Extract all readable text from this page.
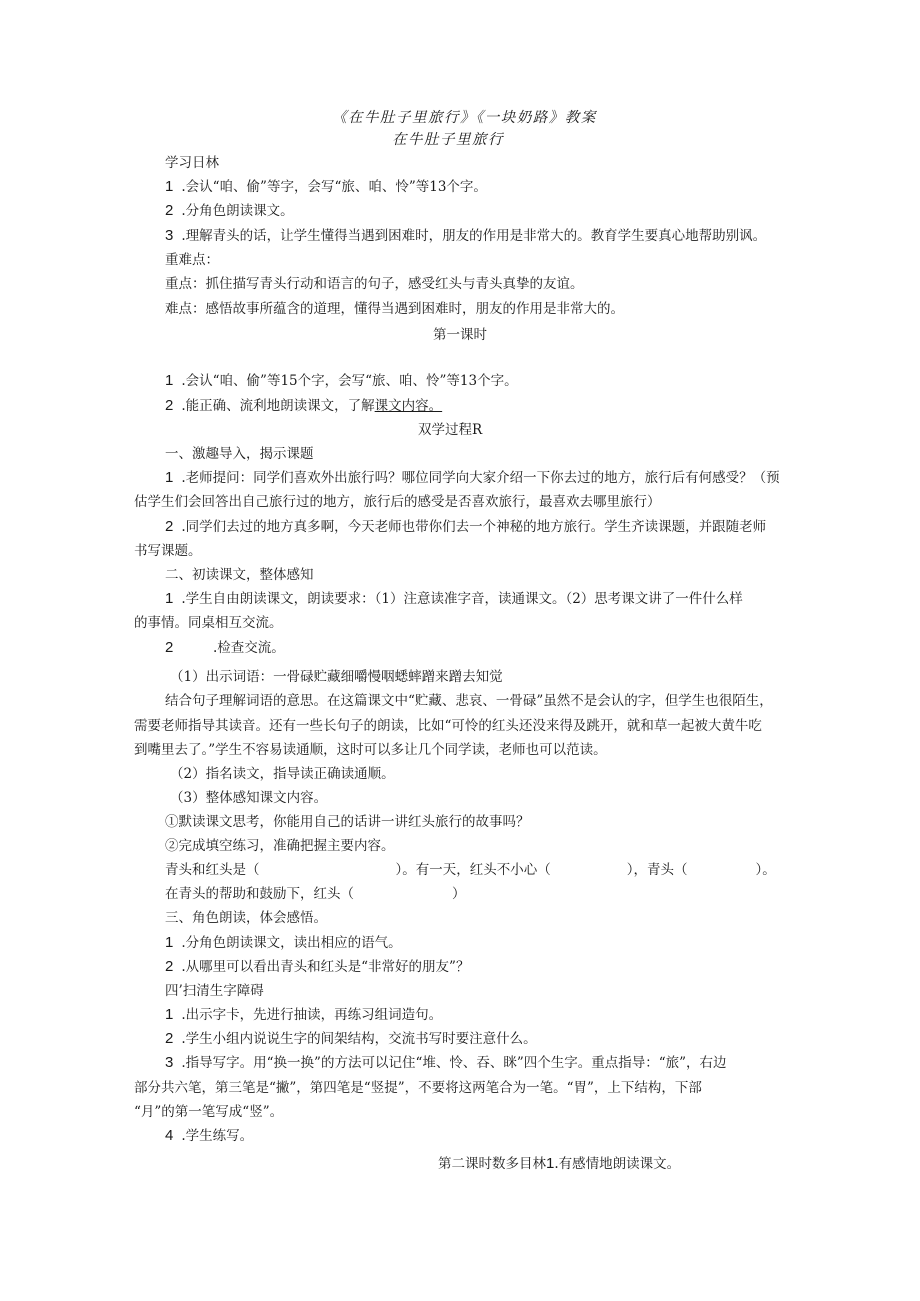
《在牛肚子里旅行》《一块奶路》教案
在牛肚子里旅行
学习日林
1 .会认“咱、偷”等字，会写“旅、咱、怜”等13个字。
2 .分角色朗读课文。
3 .理解青头的话，让学生懂得当遇到困难时，朋友的作用是非常大的。教育学生要真心地帮助别讽。
重难点：
重点：抓住描写青头行动和语言的句子，感受红头与青头真挚的友谊。
难点：感悟故事所蕴含的道理，懂得当遇到困难时，朋友的作用是非常大的。
第一课时
1 .会认“咱、偷”等15个字，会写“旅、咱、怜”等13个字。
2 .能正确、流利地朗读课文，了解课文内容。
双学过程R
一、激趣导入，揭示课题
1 .老师提问：同学们喜欢外出旅行吗？哪位同学向大家介绍一下你去过的地方，旅行后有何感受？（预
估学生们会回答出自己旅行过的地方，旅行后的感受是否喜欢旅行，最喜欢去哪里旅行）
2 .同学们去过的地方真多啊，今天老师也带你们去一个神秘的地方旅行。学生齐读课题，并跟随老师
书写课题。
二、初读课文，整体感知
1 .学生自由朗读课文，朗读要求：（1）注意读准字音，读通课文。（2）思考课文讲了一件什么样
的事情。同桌相互交流。
2	.检查交流。
（1）出示词语：一骨碌贮藏细嚼慢咽蟋蟀蹭来蹭去知觉
结合句子理解词语的意思。在这篇课文中“贮藏、悲哀、一骨碌”虽然不是会认的字，但学生也很陌生，
需要老师指导其读音。还有一些长句子的朗读，比如“可怜的红头还没来得及跳开，就和草一起被大黄牛吃
到嘴里去了。”学生不容易读通顺，这时可以多让几个同学读，老师也可以范读。
（2）指名读文，指导读正确读通顺。
（3）整体感知课文内容。
①默读课文思考，你能用自己的话讲一讲红头旅行的故事吗？
②完成填空练习，准确把握主要内容。
青头和红头是（	）。有一天，红头不小心（	），青头（	）。
在青头的帮助和鼓励下，红头（	）
三、角色朗读，体会感悟。
1 .分角色朗读课文，读出相应的语气。
2 .从哪里可以看出青头和红头是“非常好的朋友”？
四’扫清生字障碍
1 .出示字卡，先进行抽读，再练习组词造句。
2 .学生小组内说说生字的间架结构，交流书写时要注意什么。
3 .指导写字。用“换一换”的方法可以记住“堆、怜、吞、眯”四个生字。重点指导：“旅”，右边
部分共六笔，第三笔是“撇”，第四笔是“竖提”，不要将这两笔合为一笔。“胃”，上下结构，下部
“月”的第一笔写成“竖”。
4 .学生练写。
第二课时数多目林1.有感情地朗读课文。
